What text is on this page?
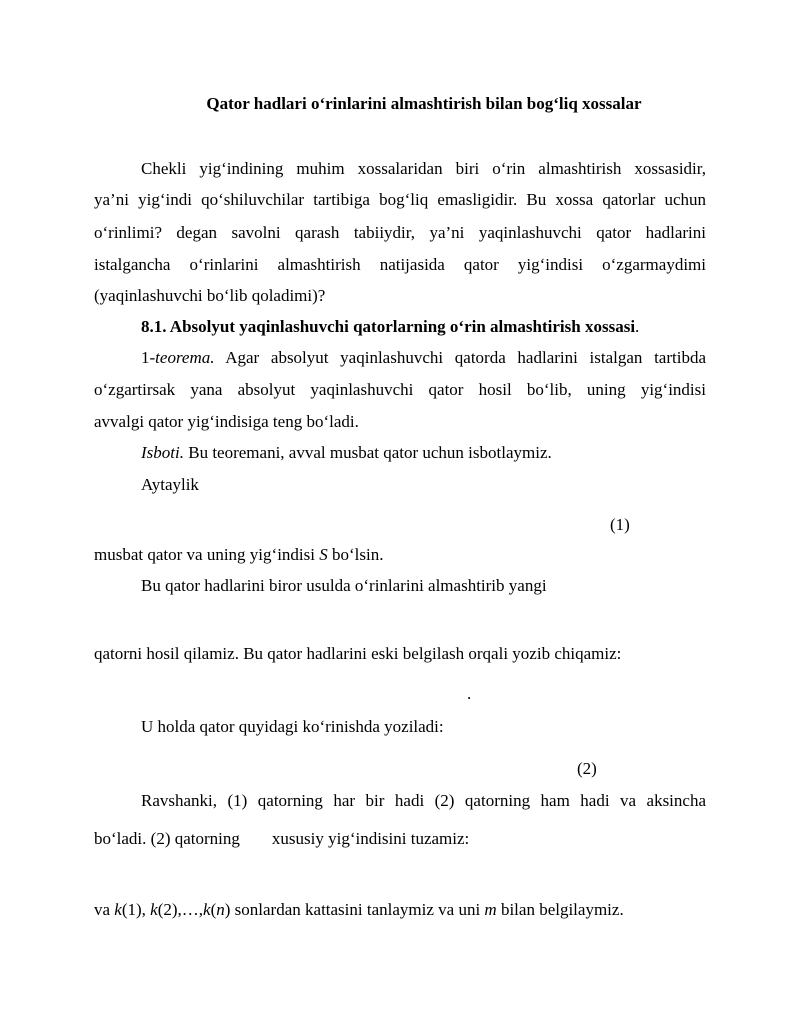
Qator hadlari o‘rinlarini almashtirish bilan bog‘liq xossalar
Chekli yig‘indining muhim xossalaridan biri o‘rin almashtirish xossasidir,
ya’ni yig‘indi qo‘shiluvchilar tartibiga bog‘liq emasligidir. Bu xossa qatorlar uchun
o‘rinlimi? degan savolni qarash tabiiydir, ya’ni yaqinlashuvchi qator hadlarini
istalgancha o‘rinlarini almashtirish natijasida qator yig‘indisi o‘zgarmaydimi
(yaqinlashuvchi bo‘lib qoladimi)?
8.1. Absolyut yaqinlashuvchi qatorlarning o‘rin almashtirish xossasi.
1-teorema. Agar absolyut yaqinlashuvchi qatorda hadlarini istalgan tartibda
o‘zgartirsak yana absolyut yaqinlashuvchi qator hosil bo‘lib, uning yig‘indisi
avvalgi qator yig‘indisiga teng bo‘ladi.
Isboti. Bu teoremani, avval musbat qator uchun isbotlaymiz.
Aytaylik
(1)
musbat qator va uning yig‘indisi S bo‘lsin.
Bu qator hadlarini biror usulda o‘rinlarini almashtirib yangi
qatorni hosil qilamiz. Bu qator hadlarini eski belgilash orqali yozib chiqamiz:
.
U holda qator quyidagi ko‘rinishda yoziladi:
(2)
Ravshanki, (1) qatorning har bir hadi (2) qatorning ham hadi va aksincha
bo‘ladi. (2) qatorning xususiy yig‘indisini tuzamiz:
va k(1), k(2),…,k(n) sonlardan kattasini tanlaymiz va uni m bilan belgilaymiz.
